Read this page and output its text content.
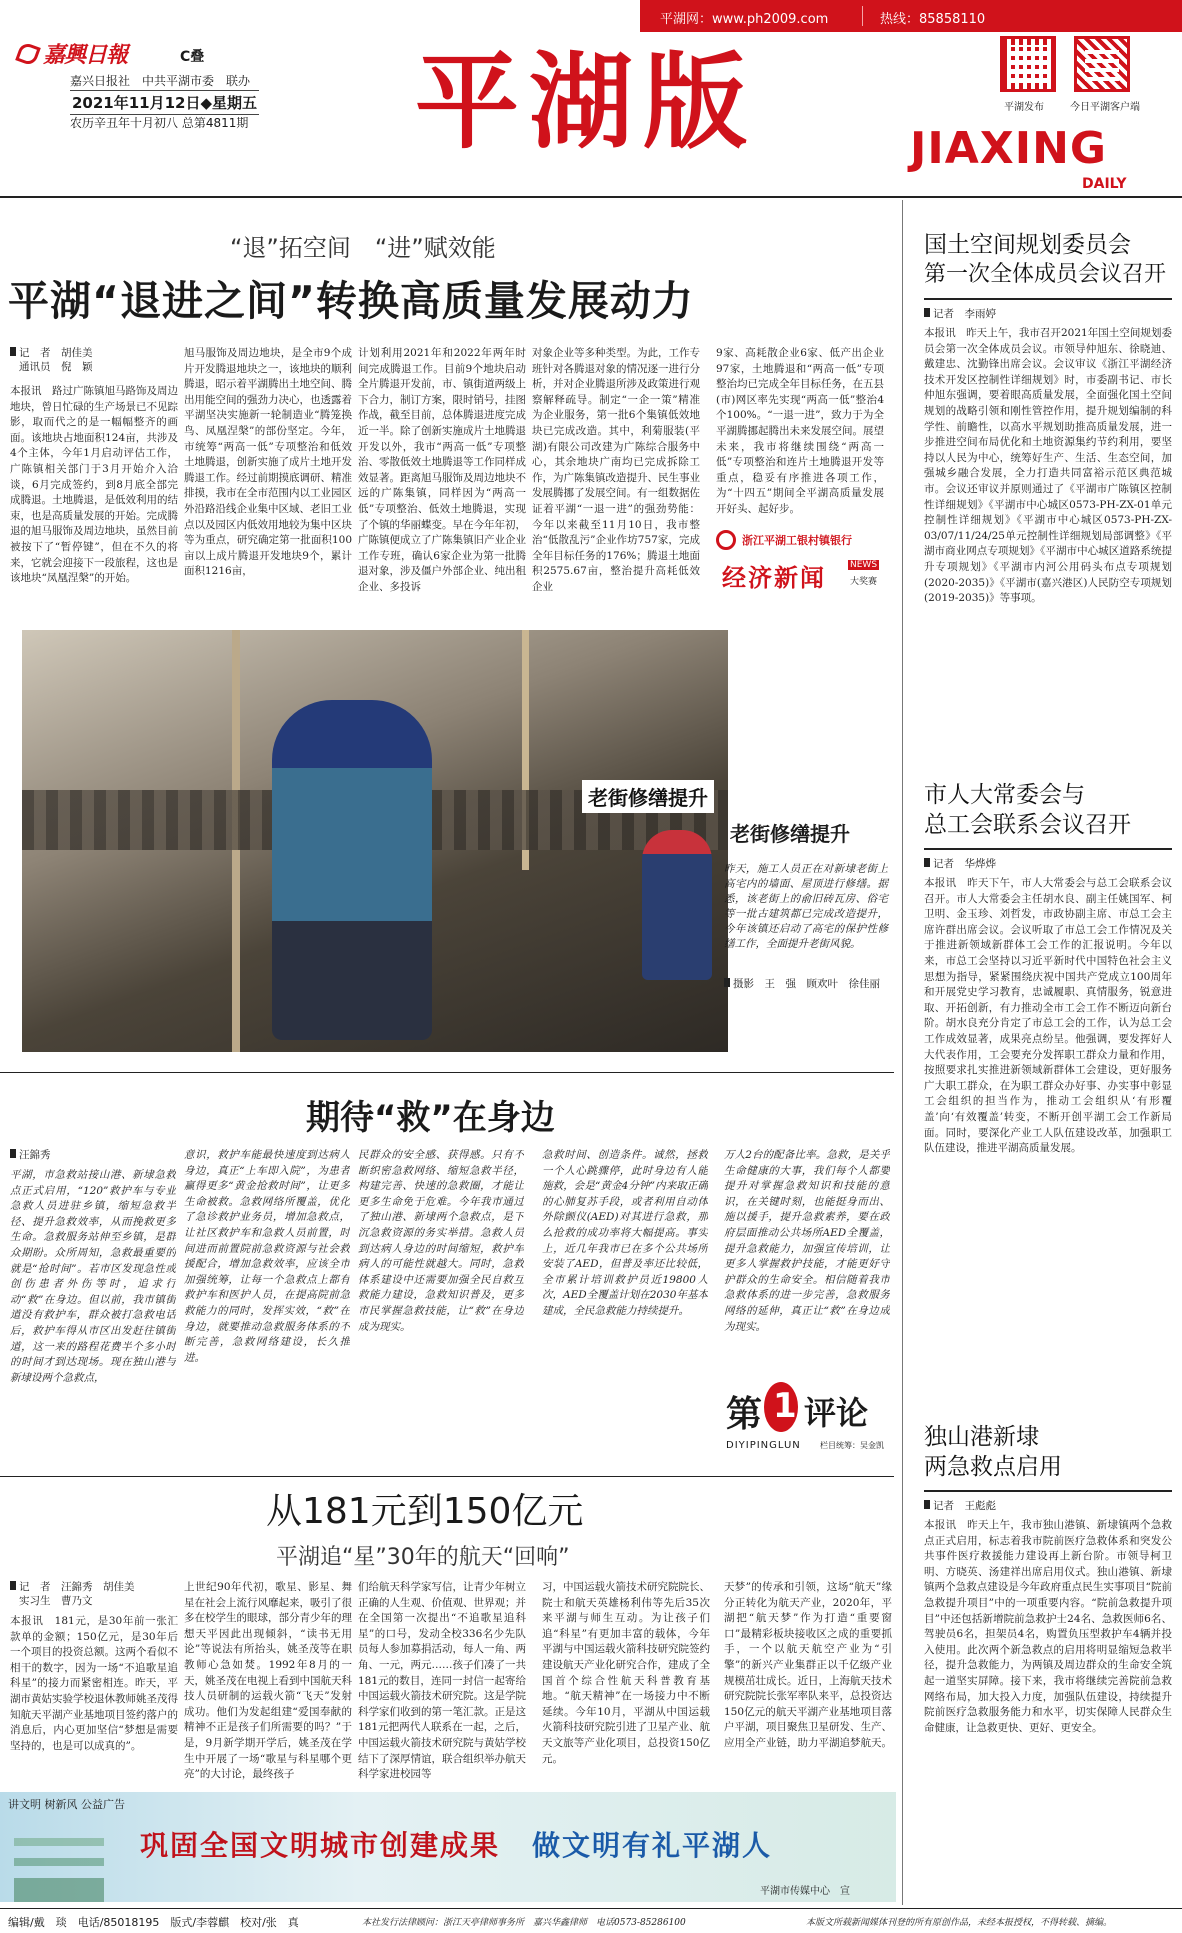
平湖网：www.ph2009.com	热线：85858110
嘉興日報	C叠
嘉兴日报社　中共平湖市委　联办
2021年11月12日◆星期五
农历辛丑年十月初八 总第4811期 平湖版	平湖发布	今日平湖客户端
JIAXING
DAILY
“退”拓空间　“进”赋效能
平湖“退进之间”转换高质量发展动力
记　者　胡佳美
通讯员　倪　颖
本报讯　路过广陈镇旭马路饰及周边地块，曾日忙碌的生产场景已不见踪影，取而代之的是一幅幅整齐的画面。该地块占地面积124亩，共涉及4个主体，今年1月启动评估工作，广陈镇相关部门于3月开始介入洽谈，6月完成签约，到8月底全部完成腾退。土地腾退，是低效利用的结束，也是高质量发展的开始。完成腾退的旭马服饰及周边地块，虽然目前被按下了“暂停键”，但在不久的将来，它就会迎接下一段旅程，这也是该地块“凤凰涅槃”的开始。
旭马服饰及周边地块，是全市9个成片开发腾退地块之一，该地块的顺利腾退，昭示着平湖腾出土地空间、腾出用能空间的强劲力决心，也透露着平湖坚决实施新一轮制造业“腾笼换鸟、凤凰涅槃”的部份坚定。今年，市统筹“两高一低”专项整治和低效土地腾退，创新实施了成片土地开发腾退工作。经过前期摸底调研、精准排摸，我市在全市范围内以工业园区外沿路沿线企业集中区域、老旧工业点以及园区内低效用地较为集中区块等为重点，研究确定第一批面积100亩以上成片腾退开发地块9个，累计面积1216亩，
计划利用2021年和2022年两年时间完成腾退工作。目前9个地块启动全片腾退开发前，市、镇街道两级上下合力，制订方案，限时销号，挂图作战，截至目前，总体腾退进度完成近一半。除了创新实施成片土地腾退开发以外，我市“两高一低”专项整治、零散低效土地腾退等工作同样成效显著。距离旭马服饰及周边地块不远的广陈集镇，同样因为“两高一低”专项整治、低效土地腾退，实现了个镇的华丽蝶变。早在今年年初，广陈镇便成立了广陈集镇旧产业企业工作专班，确认6家企业为第一批腾退对象，涉及僵户外部企业、纯出租企业、多投诉
对象企业等多种类型。为此，工作专班针对各腾退对象的情况逐一进行分析，并对企业腾退所涉及政策进行观察解释疏导。制定“一企一策”精准为企业服务，第一批6个集镇低效地块已完成改造。其中，利菊服装(平湖)有限公司改建为广陈综合服务中心，其余地块广南均已完成拆除工作，为广陈集镇改造提升、民生事业发展腾挪了发展空间。有一组数据佐证着平湖“一退一进”的强劲势能：今年以来截至11月10日，我市整治“低散乱污”企业作坊757家，完成全年目标任务的176%；腾退土地面积2575.67亩，整治提升高耗低效企业
9家、高耗散企业6家、低产出企业97家，土地腾退和“两高一低”专项整治均已完成全年目标任务，在五县(市)网区率先实现“两高一低”整治4个100%。“一退一进”，致力于为全平湖腾挪起腾出未来发展空间。展望未来，我市将继续围绕“两高一低”专项整治和连片土地腾退开发等重点，稳妥有序推进各项工作，为“十四五”期间全平湖高质量发展开好头、起好步。
浙江平湖工银村镇银行
经济新闻	NEWS
大奖赛
老街修缮提升
老街修缮提升
昨天，施工人员正在对新埭老街上高宅内的墙面、屋顶进行修缮。据悉，该老街上的俞旧砖瓦房、俗宅等一批古建筑都已完成改造提升，今年该镇还启动了高宅的保护性修缮工作，全面提升老街风貌。
摄影　王　强　顾欢叶　徐佳丽
期待“救”在身边
汪錦秀
平湖，市急救站接山港、新埭急救点正式启用，“120”救护车与专业急救人员进驻乡镇，缩短急救半径、提升急救效率，从而挽救更多生命。急救服务站伸至乡镇，是群众期盼。众所周知，急救最重要的就是“抢时间”。若市区发现急性或创伤患者外伤等时，追求行动“救”在身边。但以前，我市镇街道没有救护车，群众被打急救电话后，救护车得从市区出发赶往镇街道，这一来的路程花费半个多小时的时间才到达现场。现在独山港与新埭设两个急救点，
意识，救护车能最快速度到达病人身边，真正“上车即入院”，为患者赢得更多“黄金抢救时间”，让更多生命被救。急救网络所覆盖，优化了急诊救护业务员，增加急救点，让社区救护车和急救人员前置，时间进而前置院前急救资源与社会救援配合，增加急救效率，应该全市加强统筹，让每一个急救点上都有救护车和医护人员，在提高院前急救能力的同时，发挥实效，“救”在身边，就要推动急救服务体系的不断完善，急救网络建设，长久推进。
民群众的安全感、获得感。只有不断织密急救网络、缩短急救半径，构建完善、快速的急救圈，才能让更多生命免于危难。今年我市通过了独山港、新埭两个急救点，是下沉急救资源的务实举措。急救人员到达病人身边的时间缩短，救护车病人的可能性就越大。同时，急救体系建设中还需要加强全民自救互救能力建设，急救知识普及，更多市民掌握急救技能，让“救”在身边成为现实。
急救时间、创造条件。诚然，拯救一个人心跳骤停，此时身边有人能施救，会是“黄金4分钟”内来取正确的心肺复苏手段，或者利用自动体外除颤仪(AED)对其进行急救，那么抢救的成功率将大幅提高。事实上，近几年我市已在多个公共场所安装了AED，但普及率还比较低，全市累计培训救护员近19800人次，AED全覆盖计划在2030年基本建成，全民急救能力持续提升。
万人2台的配备比率。急救，是关乎生命健康的大事，我们每个人都要提升对掌握急救知识和技能的意识，在关键时刻，也能挺身而出、施以援手，提升急救素养，要在政府层面推动公共场所AED全覆盖，提升急救能力，加强宣传培训，让更多人掌握救护技能，才能更好守护群众的生命安全。相信随着我市急救体系的进一步完善，急救服务网络的延伸，真正让“救”在身边成为现实。
第 1 评论
DIYIPINGLUN 栏目统筹：吴金凯
从181元到150亿元
平湖追“星”30年的航天“回响”
记　者　汪錦秀　胡佳美
实习生　曹乃文
本报讯　181元，是30年前一张汇款单的金额；150亿元，是30年后一个项目的投资总额。这两个看似不相干的数字，因为一场“不追歌星追科星”的接力而紧密相连。昨天，平湖市黄姑实验学校退休教师姚圣茂得知航天平湖产业基地项目签约落户的消息后，内心更加坚信“梦想是需要坚持的，也是可以成真的”。
上世纪90年代初，歌星、影星、舞星在社会上流行风靡起来，吸引了很多在校学生的眼球，部分青少年的理想天平因此出现倾斜，“读书无用论”等说法有所抬头，姚圣茂等在职教师心急如焚。1992年8月的一天，姚圣茂在电视上看到中国航天科技人员研制的运载火箭“飞天”发射成功。他们为发起组建“爱国奉献的精神不正是孩子们所需要的吗？”于是，9月新学期开学后，姚圣茂在学生中开展了一场“歌星与科星哪个更亮”的大讨论，最终孩子
们给航天科学家写信，让青少年树立正确的人生观、价值观、世界观；并在全国第一次提出“不追歌星追科星”的口号，发动全校336名少先队员每人参加募捐活动，每人一角、两角、一元，两元……孩子们凑了一共181元的数目，连同一封信一起寄给中国运载火箭技术研究院。这是学院科学家们收到的第一笔汇款。正是这181元把两代人联系在一起，之后，中国运载火箭技术研究院与黄姑学校结下了深厚情谊，联合组织举办航天科学家进校园等
习，中国运载火箭技术研究院院长、院士和航天英雄杨利伟等先后35次来平湖与师生互动。为让孩子们追“科星”有更加丰富的载体，今年平湖与中国运载火箭科技研究院签约建设航天产业化研究合作，建成了全国首个综合性航天科普教育基地。“航天精神”在一场接力中不断延续。今年10月，平湖从中国运载火箭科技研究院引进了卫星产业、航天文旅等产业化项目，总投资150亿元。
天梦”的传承和引领，这场“航天”缘分正转化为航天产业，2020年，平湖把“航天梦”作为打造“重要窗口”最精彩板块接收区之成的重要抓手，一个以航天航空产业为“引擎”的新兴产业集群正以千亿级产业规模茁壮成长。近日，上海航天技术研究院院长张军率队来平，总投资达150亿元的航天平湖产业基地项目落户平湖，项目聚焦卫星研发、生产、应用全产业链，助力平湖追梦航天。
国土空间规划委员会
第一次全体成员会议召开
记者　李雨婷
本报讯　昨天上午，我市召开2021年国土空间规划委员会第一次全体成员会议。市领导仲旭东、徐晓迪、戴建忠、沈勤锋出席会议。会议审议《浙江平湖经济技术开发区控制性详细规划》时，市委副书记、市长仲旭东强调，要着眼高质量发展，全面强化国土空间规划的战略引领和刚性管控作用，提升规划编制的科学性、前瞻性，以高水平规划助推高质量发展，进一步推进空间布局优化和土地资源集约节约利用，要坚持以人民为中心，统筹好生产、生活、生态空间，加强城乡融合发展，全力打造共同富裕示范区典范城市。会议还审议并原则通过了《平湖市广陈镇区控制性详细规划》《平湖市中心城区0573-PH-ZX-01单元控制性详细规划》《平湖市中心城区0573-PH-ZX-03/07/11/24/25单元控制性详细规划局部调整》《平湖市商业网点专项规划》《平湖市中心城区道路系统提升专项规划》《平湖市内河公用码头布点专项规划(2020-2035)》《平湖市(嘉兴港区)人民防空专项规划(2019-2035)》等事项。
市人大常委会与
总工会联系会议召开
记者　华烨烨
本报讯　昨天下午，市人大常委会与总工会联系会议召开。市人大常委会主任胡水良、副主任姚国军、柯卫明、金玉珍、刘哲发，市政协副主席、市总工会主席许群出席会议。会议听取了市总工会工作情况及关于推进新领域新群体工会工作的汇报说明。今年以来，市总工会坚持以习近平新时代中国特色社会主义思想为指导，紧紧围绕庆祝中国共产党成立100周年和开展党史学习教育，忠诚履职、真情服务，锐意进取、开拓创新，有力推动全市工会工作不断迈向新台阶。胡水良充分肯定了市总工会的工作，认为总工会工作成效显著，成果亮点纷呈。他强调，要发挥好人大代表作用，工会要充分发挥职工群众力量和作用，按照要求扎实推进新领域新群体工会建设，更好服务广大职工群众，在为职工群众办好事、办实事中彰显工会组织的担当作为，推动工会组织从‘有形覆盖’向‘有效覆盖’转变，不断开创平湖工会工作新局面。同时，要深化产业工人队伍建设改革，加强职工队伍建设，推进平湖高质量发展。
独山港新埭
两急救点启用
记者　王彪彪
本报讯　昨天上午，我市独山港镇、新埭镇两个急救点正式启用，标志着我市院前医疗急救体系和突发公共事件医疗救援能力建设再上新台阶。市领导柯卫明、方晓英、汤建祥出席启用仪式。独山港镇、新埭镇两个急救点建设是今年政府重点民生实事项目“院前急救提升项目”中的一项重要内容。“院前急救提升项目”中还包括新增院前急救护士24名、急救医师6名、驾驶员6名，担架员4名，购置负压型救护车4辆并投入使用。此次两个新急救点的启用将明显缩短急救半径，提升急救能力，为两镇及周边群众的生命安全筑起一道坚实屏障。接下来，我市将继续完善院前急救网络布局，加大投入力度，加强队伍建设，持续提升院前医疗急救服务能力和水平，切实保障人民群众生命健康，让急救更快、更好、更安全。
讲文明 树新风 公益广告
巩固全国文明城市创建成果 做文明有礼平湖人
平湖市传媒中心　宣
编辑/戴　琰　电话/85018195　版式/李蓉麒　校对/张　真	本社发行法律顾问：浙江天亭律师事务所　嘉兴华鑫律师　电话0573-85286100	本版文所载新闻媒体刊登的所有原创作品，未经本报授权，不得转载、摘编。
